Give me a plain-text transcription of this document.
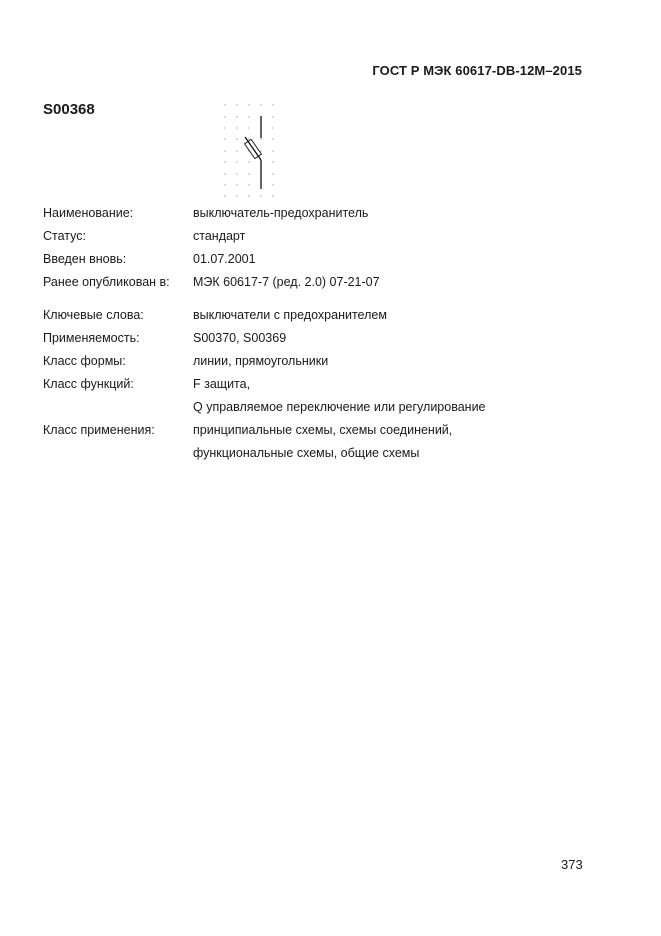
ГОСТ Р МЭК 60617-DB-12M–2015
S00368
Наименование:	выключатель-предохранитель
Статус:	стандарт
Введен вновь:	01.07.2001
Ранее опубликован в: МЭК 60617-7 (ред. 2.0) 07-21-07
Ключевые слова:	выключатели с предохранителем
Применяемость:	S00370, S00369
Класс формы:	линии, прямоугольники
Класс функций:	F защита,
Q управляемое переключение или регулирование
Класс применения:	принципиальные схемы, схемы соединений,
функциональные схемы, общие схемы
373
